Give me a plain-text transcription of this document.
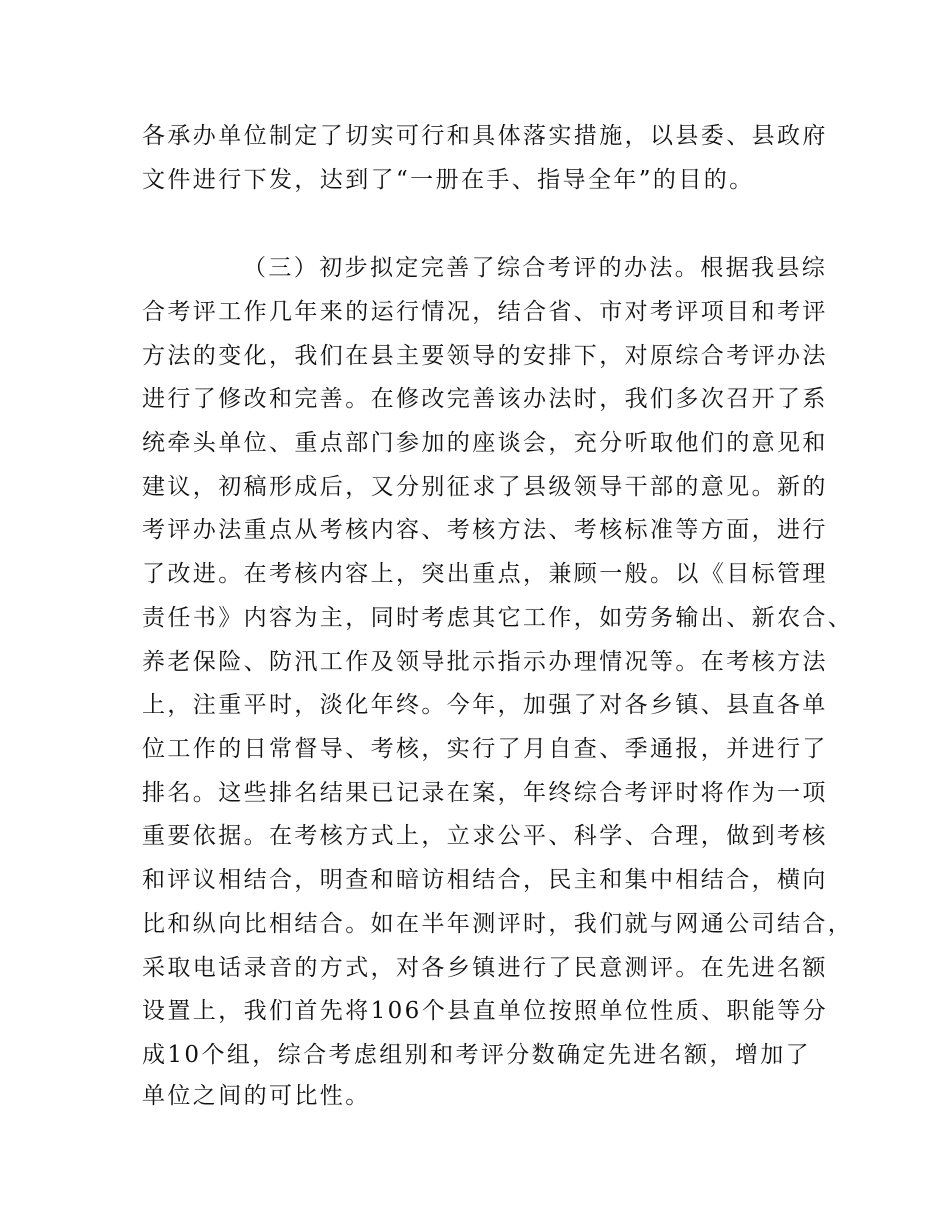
各承办单位制定了切实可行和具体落实措施，以县委、县政府

文件进行下发，达到了“一册在手、指导全年”的目的。

（三）初步拟定完善了综合考评的办法。根据我县综

合考评工作几年来的运行情况，结合省、市对考评项目和考评

方法的变化，我们在县主要领导的安排下，对原综合考评办法

进行了修改和完善。在修改完善该办法时，我们多次召开了系

统牵头单位、重点部门参加的座谈会，充分听取他们的意见和

建议，初稿形成后，又分别征求了县级领导干部的意见。新的

考评办法重点从考核内容、考核方法、考核标准等方面，进行

了改进。在考核内容上，突出重点，兼顾一般。以《目标管理

责任书》内容为主，同时考虑其它工作，如劳务输出、新农合、

养老保险、防汛工作及领导批示指示办理情况等。在考核方法

上，注重平时，淡化年终。今年，加强了对各乡镇、县直各单

位工作的日常督导、考核，实行了月自查、季通报，并进行了

排名。这些排名结果已记录在案，年终综合考评时将作为一项

重要依据。在考核方式上，立求公平、科学、合理，做到考核

和评议相结合，明查和暗访相结合，民主和集中相结合，横向

比和纵向比相结合。如在半年测评时，我们就与网通公司结合，

采取电话录音的方式，对各乡镇进行了民意测评。在先进名额

设置上，我们首先将106个县直单位按照单位性质、职能等分

成10个组，综合考虑组别和考评分数确定先进名额，增加了

单位之间的可比性。
